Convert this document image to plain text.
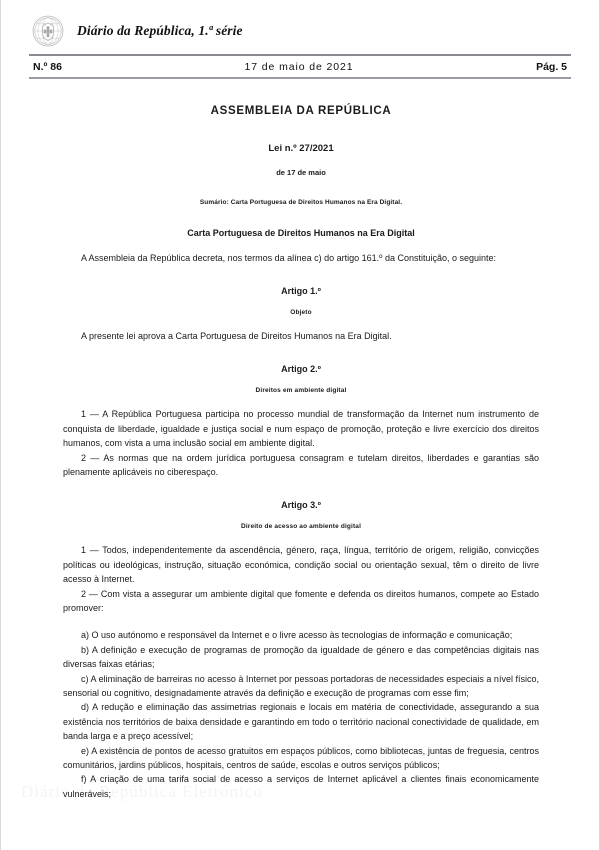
Diário da República, 1.ª série
N.º 86	17 de maio de 2021	Pág. 5
ASSEMBLEIA DA REPÚBLICA
Lei n.º 27/2021
de 17 de maio
Sumário: Carta Portuguesa de Direitos Humanos na Era Digital.
Carta Portuguesa de Direitos Humanos na Era Digital

A Assembleia da República decreta, nos termos da alínea c) do artigo 161.º da Constituição, o seguinte:

Artigo 1.º
Objeto

A presente lei aprova a Carta Portuguesa de Direitos Humanos na Era Digital.

Artigo 2.º
Direitos em ambiente digital

1 — A República Portuguesa participa no processo mundial de transformação da Internet num instrumento de conquista de liberdade, igualdade e justiça social e num espaço de promoção, proteção e livre exercício dos direitos humanos, com vista a uma inclusão social em ambiente digital.

2 — As normas que na ordem jurídica portuguesa consagram e tutelam direitos, liberdades e garantias são plenamente aplicáveis no ciberespaço.

Artigo 3.º
Direito de acesso ao ambiente digital

1 — Todos, independentemente da ascendência, género, raça, língua, território de origem, religião, convicções políticas ou ideológicas, instrução, situação económica, condição social ou orientação sexual, têm o direito de livre acesso à Internet.

2 — Com vista a assegurar um ambiente digital que fomente e defenda os direitos humanos, compete ao Estado promover:

a) O uso autónomo e responsável da Internet e o livre acesso às tecnologias de informação e comunicação;

b) A definição e execução de programas de promoção da igualdade de género e das competências digitais nas diversas faixas etárias;

c) A eliminação de barreiras no acesso à Internet por pessoas portadoras de necessidades especiais a nível físico, sensorial ou cognitivo, designadamente através da definição e execução de programas com esse fim;

d) A redução e eliminação das assimetrias regionais e locais em matéria de conectividade, assegurando a sua existência nos territórios de baixa densidade e garantindo em todo o território nacional conectividade de qualidade, em banda larga e a preço acessível;

e) A existência de pontos de acesso gratuitos em espaços públicos, como bibliotecas, juntas de freguesia, centros comunitários, jardins públicos, hospitais, centros de saúde, escolas e outros serviços públicos;

f) A criação de uma tarifa social de acesso a serviços de Internet aplicável a clientes finais economicamente vulneráveis;
